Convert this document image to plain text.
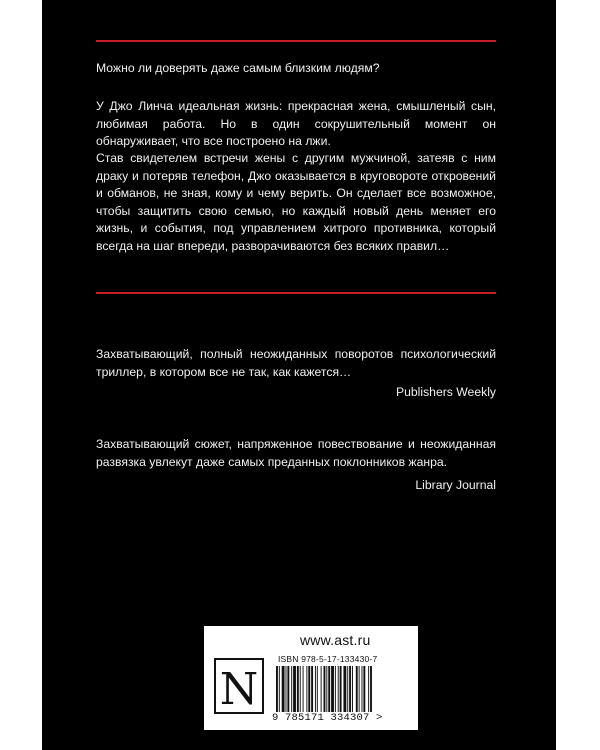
Можно ли доверять даже самым близким людям?
У Джо Линча идеальная жизнь: прекрасная жена, смышленый сын, любимая работа. Но в один сокрушительный момент он обнаруживает, что все построено на лжи.
Став свидетелем встречи жены с другим мужчиной, затеяв с ним драку и потеряв телефон, Джо оказывается в круговороте откровений и обманов, не зная, кому и чему верить. Он сделает все возможное, чтобы защитить свою семью, но каждый новый день меняет его жизнь, и события, под управлением хитрого противника, который всегда на шаг впереди, разворачиваются без всяких правил…
Захватывающий, полный неожиданных поворотов психологический триллер, в котором все не так, как кажется…
Publishers Weekly
Захватывающий сюжет, напряженное повествование и неожиданная развязка увлекут даже самых преданных поклонников жанра.
Library Journal
www.ast.ru
N
ISBN 978-5-17-133430-7
9 785171 334307 >
